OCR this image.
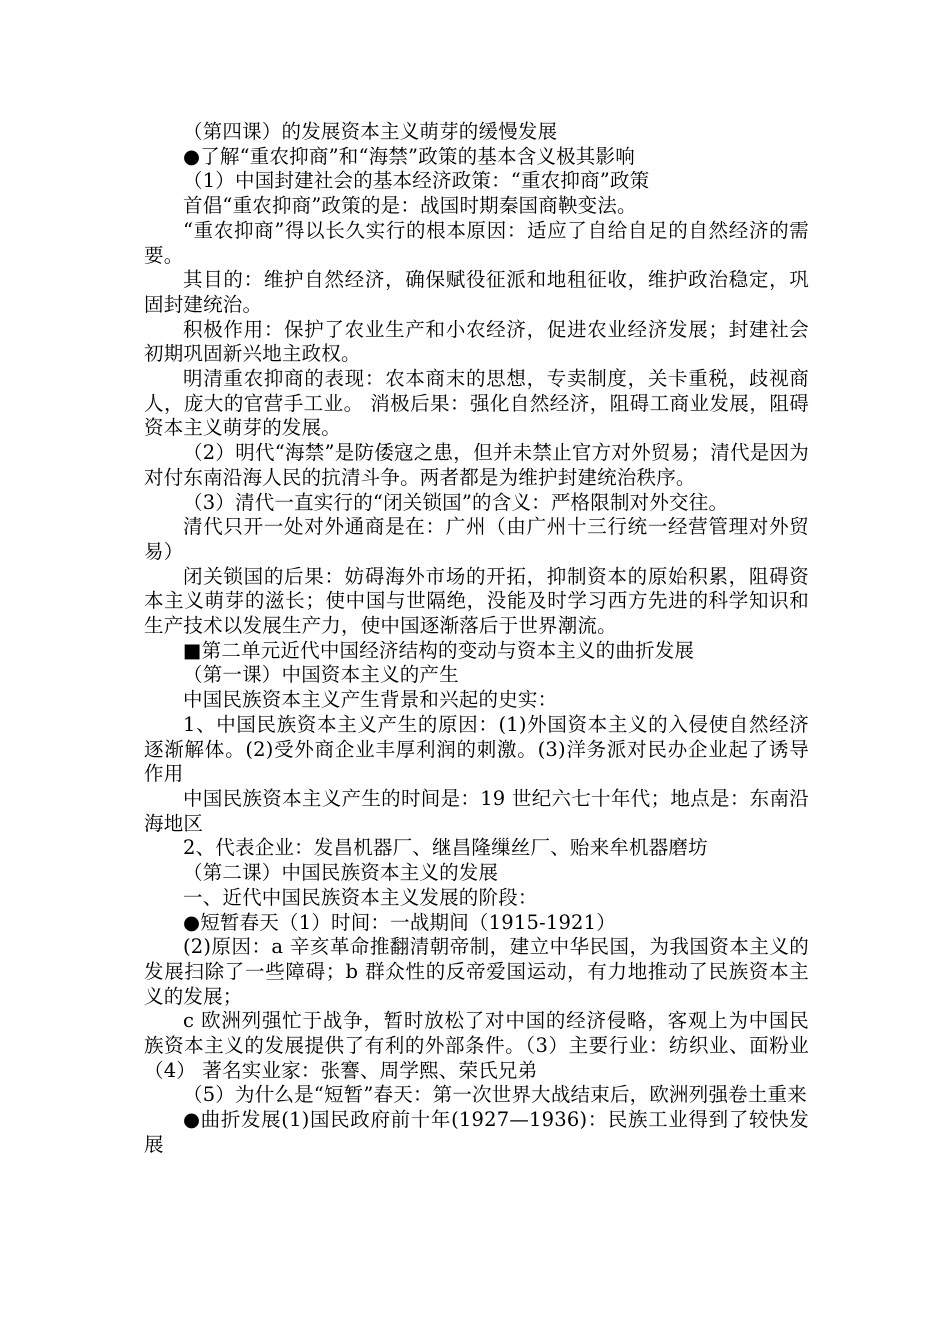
（第四课）的发展资本主义萌芽的缓慢发展

●了解“重农抑商”和“海禁”政策的基本含义极其影响

（1）中国封建社会的基本经济政策：“重农抑商”政策

首倡“重农抑商”政策的是：战国时期秦国商鞅变法。

“重农抑商”得以长久实行的根本原因：适应了自给自足的自然经济的需要。

其目的：维护自然经济，确保赋役征派和地租征收，维护政治稳定，巩固封建统治。

积极作用：保护了农业生产和小农经济，促进农业经济发展；封建社会初期巩固新兴地主政权。

明清重农抑商的表现：农本商末的思想，专卖制度，关卡重税，歧视商人，庞大的官营手工业。 消极后果：强化自然经济，阻碍工商业发展，阻碍资本主义萌芽的发展。

（2）明代“海禁”是防倭寇之患，但并未禁止官方对外贸易；清代是因为对付东南沿海人民的抗清斗争。两者都是为维护封建统治秩序。

（3）清代一直实行的“闭关锁国”的含义：严格限制对外交往。

清代只开一处对外通商是在：广州（由广州十三行统一经营管理对外贸易）

闭关锁国的后果：妨碍海外市场的开拓，抑制资本的原始积累，阻碍资本主义萌芽的滋长；使中国与世隔绝，没能及时学习西方先进的科学知识和生产技术以发展生产力，使中国逐渐落后于世界潮流。

■第二单元近代中国经济结构的变动与资本主义的曲折发展

（第一课）中国资本主义的产生

中国民族资本主义产生背景和兴起的史实：

1、中国民族资本主义产生的原因：(1)外国资本主义的入侵使自然经济逐渐解体。(2)受外商企业丰厚利润的刺激。(3)洋务派对民办企业起了诱导作用

中国民族资本主义产生的时间是：19 世纪六七十年代；地点是：东南沿海地区

2、代表企业：发昌机器厂、继昌隆缫丝厂、贻来牟机器磨坊

（第二课）中国民族资本主义的发展

一、近代中国民族资本主义发展的阶段：

●短暂春天（1）时间：一战期间（1915-1921）

(2)原因：a 辛亥革命推翻清朝帝制，建立中华民国，为我国资本主义的发展扫除了一些障碍；b 群众性的反帝爱国运动，有力地推动了民族资本主义的发展；

c 欧洲列强忙于战争，暂时放松了对中国的经济侵略，客观上为中国民族资本主义的发展提供了有利的外部条件。（3）主要行业：纺织业、面粉业（4） 著名实业家：张謇、周学熙、荣氏兄弟

（5）为什么是“短暂”春天：第一次世界大战结束后，欧洲列强卷土重来

●曲折发展(1)国民政府前十年(1927—1936)：民族工业得到了较快发展
